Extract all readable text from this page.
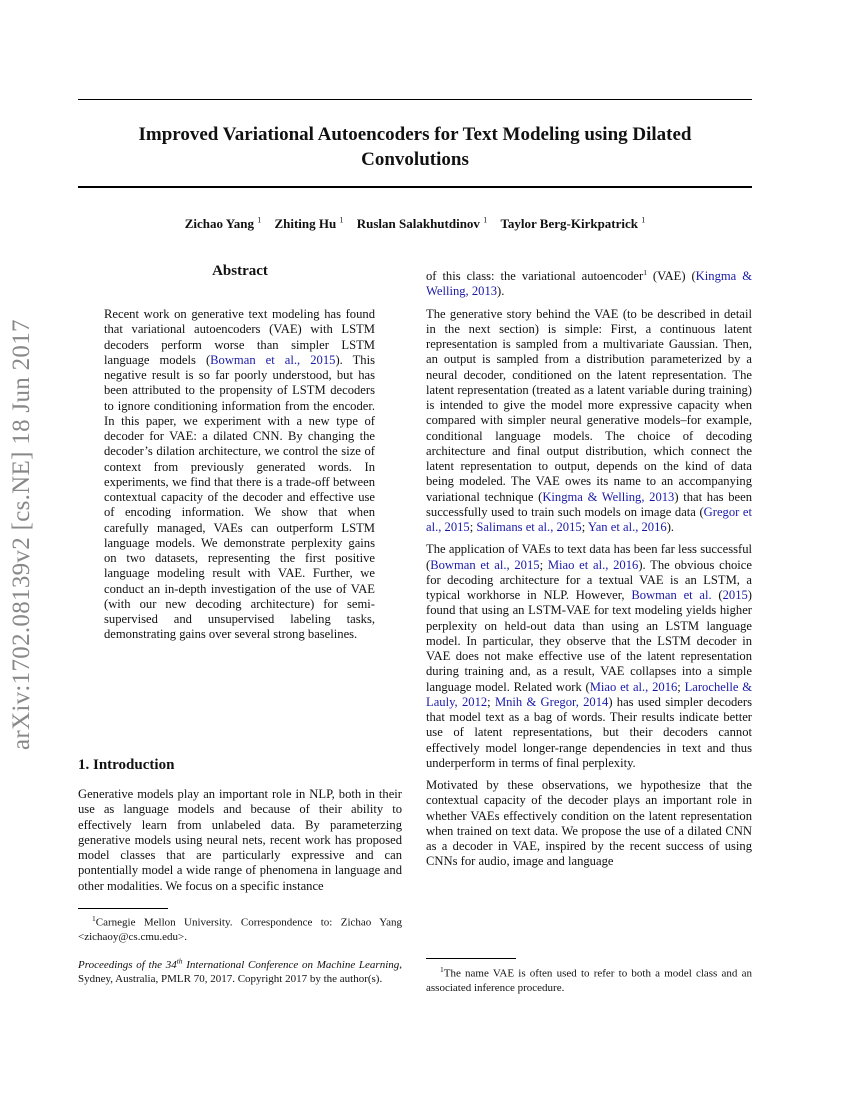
arXiv:1702.08139v2 [cs.NE] 18 Jun 2017
Improved Variational Autoencoders for Text Modeling using Dilated
Convolutions
Zichao Yang $^1$ Zhiting Hu $^1$ Ruslan Salakhutdinov $^1$ Taylor Berg-Kirkpatrick $^1$
Abstract

Recent work on generative text modeling has found that variational autoencoders (VAE) with LSTM decoders perform worse than simpler LSTM language models (Bowman et al., 2015). This negative result is so far poorly understood, but has been attributed to the propensity of LSTM decoders to ignore conditioning information from the encoder. In this paper, we experiment with a new type of decoder for VAE: a dilated CNN. By changing the decoder’s dilation architecture, we control the size of context from previously generated words. In experiments, we find that there is a trade-off between contextual capacity of the decoder and effective use of encoding information. We show that when carefully managed, VAEs can outperform LSTM language models. We demonstrate perplexity gains on two datasets, representing the first positive language modeling result with VAE. Further, we conduct an in-depth investigation of the use of VAE (with our new decoding architecture) for semi-supervised and unsupervised labeling tasks, demonstrating gains over several strong baselines.

1. Introduction

Generative models play an important role in NLP, both in their use as language models and because of their ability to effectively learn from unlabeled data. By parameterzing generative models using neural nets, recent work has proposed model classes that are particularly expressive and can pontentially model a wide range of phenomena in language and other modalities. We focus on a specific instance

$^1$Carnegie Mellon University. Correspondence to: Zichao Yang <zichaoy@cs.cmu.edu>.
Proceedings of the 34th International Conference on Machine Learning, Sydney, Australia, PMLR 70, 2017. Copyright 2017 by the author(s).

of this class: the variational autoencoder$^1$ (VAE) (Kingma & Welling, 2013).

The generative story behind the VAE (to be described in detail in the next section) is simple: First, a continuous latent representation is sampled from a multivariate Gaussian. Then, an output is sampled from a distribution parameterized by a neural decoder, conditioned on the latent representation. The latent representation (treated as a latent variable during training) is intended to give the model more expressive capacity when compared with simpler neural generative models–for example, conditional language models. The choice of decoding architecture and final output distribution, which connect the latent representation to output, depends on the kind of data being modeled. The VAE owes its name to an accompanying variational technique (Kingma & Welling, 2013) that has been successfully used to train such models on image data (Gregor et al., 2015; Salimans et al., 2015; Yan et al., 2016).

The application of VAEs to text data has been far less successful (Bowman et al., 2015; Miao et al., 2016). The obvious choice for decoding architecture for a textual VAE is an LSTM, a typical workhorse in NLP. However, Bowman et al. (2015) found that using an LSTM-VAE for text modeling yields higher perplexity on held-out data than using an LSTM language model. In particular, they observe that the LSTM decoder in VAE does not make effective use of the latent representation during training and, as a result, VAE collapses into a simple language model. Related work (Miao et al., 2016; Larochelle & Lauly, 2012; Mnih & Gregor, 2014) has used simpler decoders that model text as a bag of words. Their results indicate better use of latent representations, but their decoders cannot effectively model longer-range dependencies in text and thus underperform in terms of final perplexity.

Motivated by these observations, we hypothesize that the contextual capacity of the decoder plays an important role in whether VAEs effectively condition on the latent representation when trained on text data. We propose the use of a dilated CNN as a decoder in VAE, inspired by the recent success of using CNNs for audio, image and language

$^1$The name VAE is often used to refer to both a model class and an associated inference procedure.
